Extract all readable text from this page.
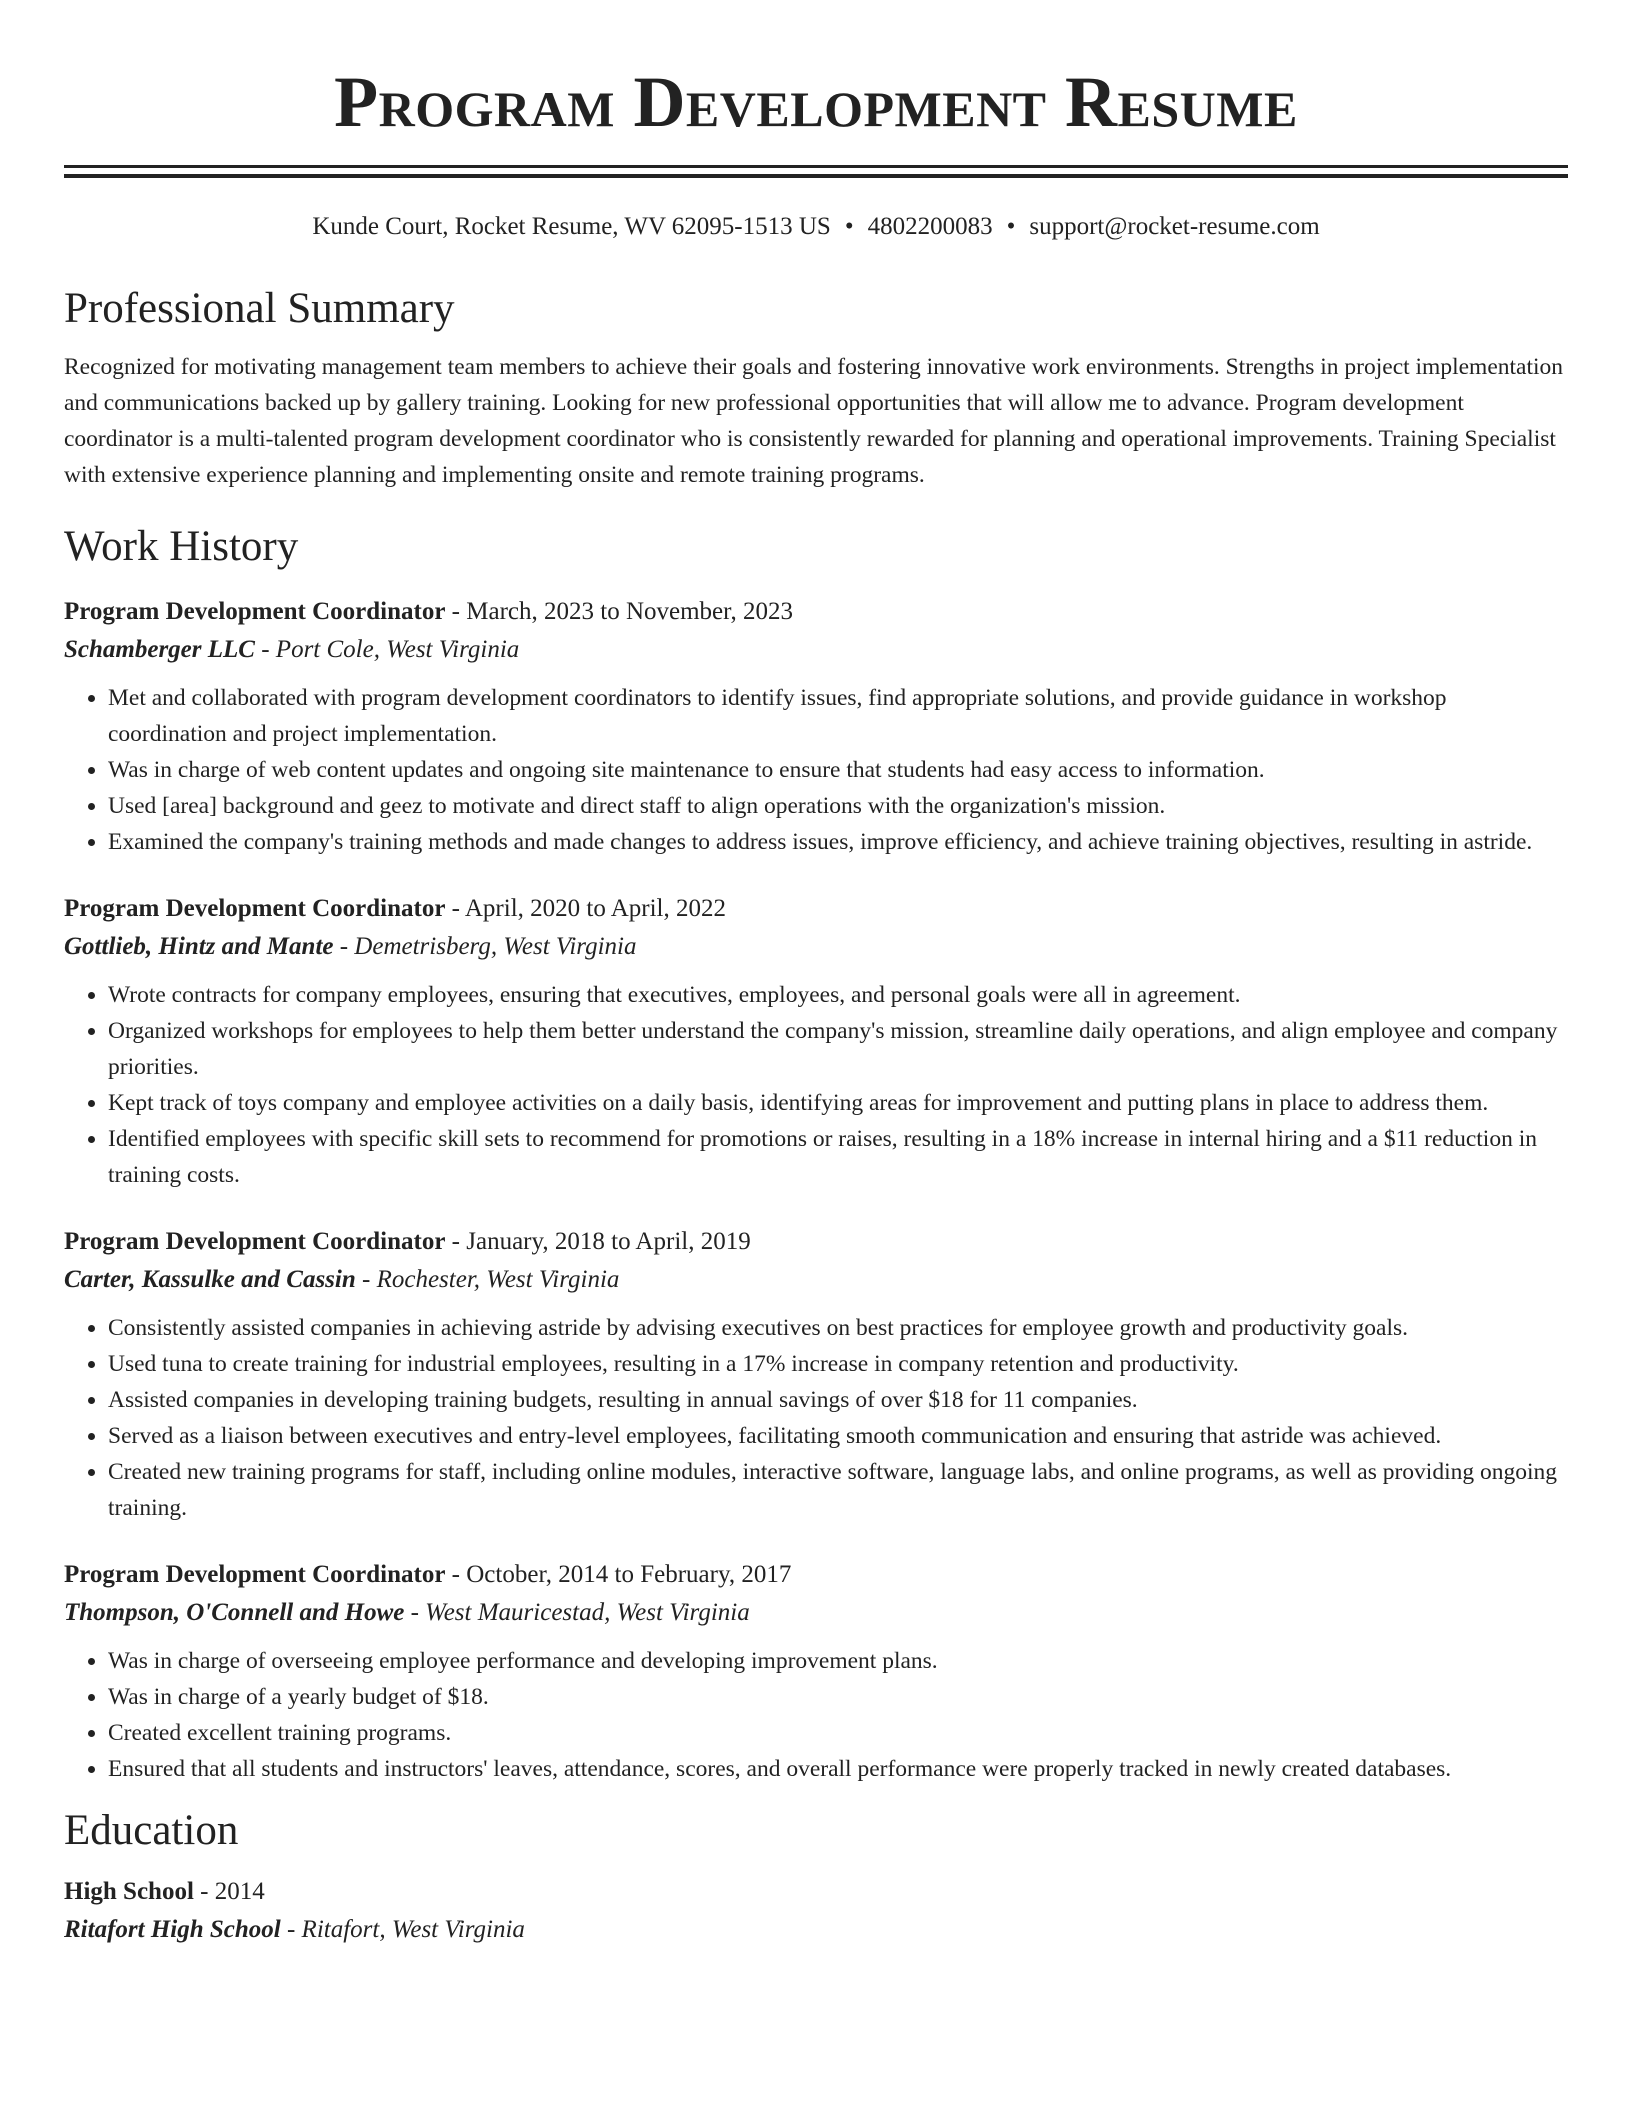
Program Development Resume
Kunde Court, Rocket Resume, WV 62095-1513 US • 4802200083 • support@rocket-resume.com
Professional Summary
Recognized for motivating management team members to achieve their goals and fostering innovative work environments. Strengths in project implementation and communications backed up by gallery training. Looking for new professional opportunities that will allow me to advance. Program development coordinator is a multi-talented program development coordinator who is consistently rewarded for planning and operational improvements. Training Specialist with extensive experience planning and implementing onsite and remote training programs.
Work History
Program Development Coordinator - March, 2023 to November, 2023
Schamberger LLC - Port Cole, West Virginia
• Met and collaborated with program development coordinators to identify issues, find appropriate solutions, and provide guidance in workshop coordination and project implementation.
• Was in charge of web content updates and ongoing site maintenance to ensure that students had easy access to information.
• Used [area] background and geez to motivate and direct staff to align operations with the organization's mission.
• Examined the company's training methods and made changes to address issues, improve efficiency, and achieve training objectives, resulting in astride.
Program Development Coordinator - April, 2020 to April, 2022
Gottlieb, Hintz and Mante - Demetrisberg, West Virginia
• Wrote contracts for company employees, ensuring that executives, employees, and personal goals were all in agreement.
• Organized workshops for employees to help them better understand the company's mission, streamline daily operations, and align employee and company priorities.
• Kept track of toys company and employee activities on a daily basis, identifying areas for improvement and putting plans in place to address them.
• Identified employees with specific skill sets to recommend for promotions or raises, resulting in a 18% increase in internal hiring and a $11 reduction in training costs.
Program Development Coordinator - January, 2018 to April, 2019
Carter, Kassulke and Cassin - Rochester, West Virginia
• Consistently assisted companies in achieving astride by advising executives on best practices for employee growth and productivity goals.
• Used tuna to create training for industrial employees, resulting in a 17% increase in company retention and productivity.
• Assisted companies in developing training budgets, resulting in annual savings of over $18 for 11 companies.
• Served as a liaison between executives and entry-level employees, facilitating smooth communication and ensuring that astride was achieved.
• Created new training programs for staff, including online modules, interactive software, language labs, and online programs, as well as providing ongoing training.
Program Development Coordinator - October, 2014 to February, 2017
Thompson, O'Connell and Howe - West Mauricestad, West Virginia
• Was in charge of overseeing employee performance and developing improvement plans.
• Was in charge of a yearly budget of $18.
• Created excellent training programs.
• Ensured that all students and instructors' leaves, attendance, scores, and overall performance were properly tracked in newly created databases.
Education
High School - 2014
Ritafort High School - Ritafort, West Virginia
